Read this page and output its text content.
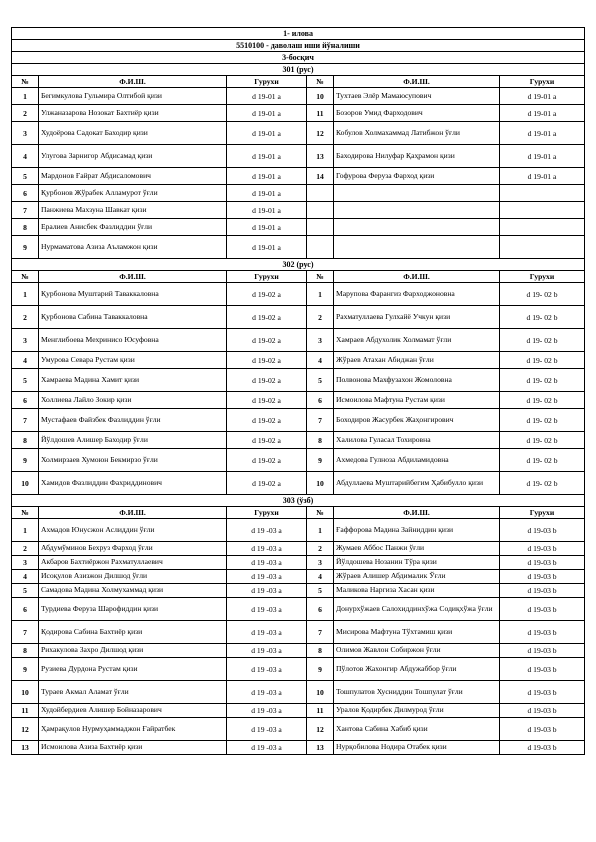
1- илова					
5510100 - даволаш иши йўналиши					
3-босқич					
301 (рус)					
№	Ф.И.Ш.	Гурухи	№	Ф.И.Ш.	Гурухи
1	Бегимкулова Гульмира Олтибой қизи	d 19-01 a	10	Тухтаев Элёр Мамаюсупович	d 19-01 a
2	Улжаназарова Нозокат Бахтиёр қизи	d 19-01 a	11	Бозоров Умид Фарходович	d 19-01 a
3	Худоёрова Садокат Баходир қизи	d 19-01 a	12	Кобулов Холмахаммад Латибжон ўғли	d 19-01 a
4	Улугова Зарнигор Абдисамад қизи	d 19-01 a	13	Баходирова Нилуфар Қаҳрамон қизи	d 19-01 a
5	Мардонов Ғайрат Абдисаломович	d 19-01 a	14	Гофурова Феруза Фарход қизи	d 19-01 a
6	Қурбонов Жўрабек Алламурот ўғли	d 19-01 a			
7	Панжиева Махзуна Шавкат қизи	d 19-01 a			
8	Ералиев Анисбек Фазлиддин ўғли	d 19-01 a			
9	Нурмаматова Азиза Аъламжон қизи	d 19-01 a			
302 (рус)					
№	Ф.И.Ш.	Гурухи	№	Ф.И.Ш.	Гурухи
1	Қурбонова Муштарий Таваккаловна	d 19-02 a	1	Марупова Фарангиз Фарходжоновна	d 19- 02 b
2	Қурбонова Сабина Таваккаловна	d 19-02 a	2	Рахматуллаева Гулхайё Учкун қизи	d 19- 02 b
3	Менглибоева Мехринисо Юсуфовна	d 19-02 a	3	Хамраев Абдухолик Холмамат ўғли	d 19- 02 b
4	Умурова Севара Рустам қизи	d 19-02 a	4	Жўраев Атахан Абиджан ўғли	d 19- 02 b
5	Хамраева Мадина Хамит қизи	d 19-02 a	5	Полвонова Махфузахон Жомоловна	d 19- 02 b
6	Холлиева Лайло Зокир қизи	d 19-02 a	6	Исмоилова Мафтуна Рустам қизи	d 19- 02 b
7	Мустафаев Файзбек Фазлиддин ўғли	d 19-02 a	7	Боходиров Жасурбек Жаҳонгирович	d 19- 02 b
8	Йўлдошев Алишер Баходир ўғли	d 19-02 a	8	Халилова Гуласал Тохировна	d 19- 02 b
9	Холмирзаев Хумоюн Бекмирзо ўғли	d 19-02 a	9	Ахмедова Гулноза Абдиламидовна	d 19- 02 b
10	Хамидов Фазлиддин Фахриддинович	d 19-02 a	10	Абдуллаева Муштарийбегим Ҳабибулло қизи	d 19- 02 b
303 (ўзб)					
№	Ф.И.Ш.	Гурухи	№	Ф.И.Ш.	Гурухи
1	Ахмадов Юнусжон Аслиддин ўғли	d 19 -03 a	1	Ғаффорова Мадина Зайниддин қизи	d 19-03 b
2	Абдумўминов Бехруз Фарход ўғли	d 19 -03 a	2	Жумаев Аббос Панжи ўғли	d 19-03 b
3	Акбаров Бахтиёржон Рахматуллаевич	d 19 -03 a	3	Йўлдошева Нозанин Тўра қизи	d 19-03 b
4	Исоқулов Азизжон Дилшод ўғли	d 19 -03 a	4	Жўраев Алишер Абдималик Ўғли	d 19-03 b
5	Самадова Мадина Холмухаммад қизи	d 19 -03 a	5	Маликова Наргиза Хасан қизи	d 19-03 b
6	Турдиева Феруза Шарофиддин қизи	d 19 -03 a	6	Донурхўжаев Салохиддинхўжа Содиқхўжа ўғли	d 19-03 b
7	Қодирова Сабина Бахтиёр қизи	d 19 -03 a	7	Мисирова Мафтуна Тўхтамиш қизи	d 19-03 b
8	Рихакулова Захро Дилшод қизи	d 19 -03 a	8	Олимов Жавлон Собиржон ўғли	d 19-03 b
9	Рузиева Дурдона Рустам қизи	d 19 -03 a	9	Пўлотов Жахонгир Абдужаббор ўғли	d 19-03 b
10	Тураев Акмал Аламат ўғли	d 19 -03 a	10	Тошпулатов Хусниддин Тошпулат ўғли	d 19-03 b
11	Худойбердиев Алишер Бойназарович	d 19 -03 a	11	Уралов Қодирбек Дилмурод ўғли	d 19-03 b
12	Ҳамрақулов Нурмуҳаммаджон Ғайратбек	d 19 -03 a	12	Хантова Сабина Хабиб қизи	d 19-03 b
13	Исмоилова Азиза Бахтиёр қизи	d 19 -03 a	13	Нурқобилова Нодира Отабек қизи	d 19-03 b
